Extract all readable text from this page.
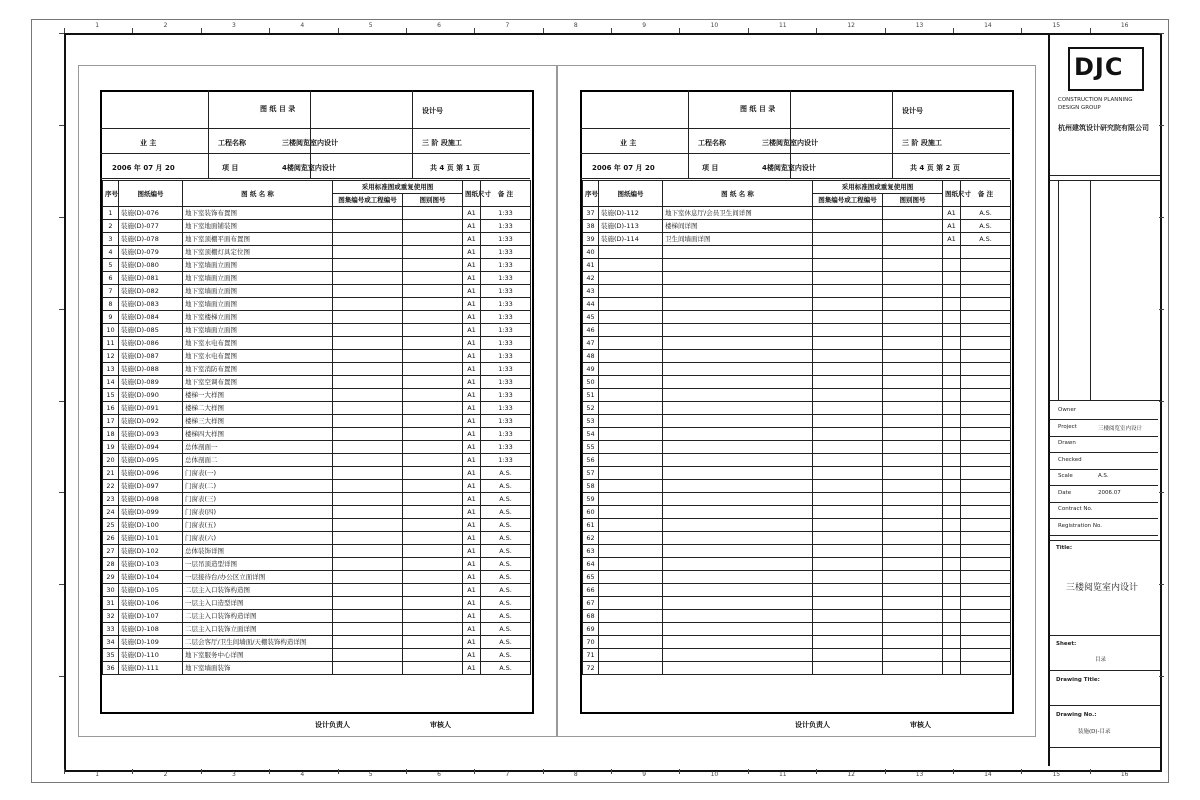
1
1
2
2
3
3
4
4
5
5
6
6
7
7
8
8
9
9
10
10
11
11
12
12
13
13
14
14
15
15
16
16
图 纸 目 录	设计号
业 主	工程名称	三楼阅览室内设计	三 阶 段施工
2006 年 07 月 20	项 目	4楼阅览室内设计	共 4 页 第 1 页
序号	图纸编号	图 纸 名 称	采用标准图或重复使用图		图纸尺寸	备 注
			图集编号或工程编号	图别图号		
1	装施(D)-076	地下室装饰布置图			A1	1:33
2	装施(D)-077	地下室地面铺装图			A1	1:33
3	装施(D)-078	地下室顶棚平面布置图			A1	1:33
4	装施(D)-079	地下室顶棚灯具定位图			A1	1:33
5	装施(D)-080	地下室墙面立面图			A1	1:33
6	装施(D)-081	地下室墙面立面图			A1	1:33
7	装施(D)-082	地下室墙面立面图			A1	1:33
8	装施(D)-083	地下室墙面立面图			A1	1:33
9	装施(D)-084	地下室楼梯立面图			A1	1:33
10	装施(D)-085	地下室墙面立面图			A1	1:33
11	装施(D)-086	地下室水电布置图			A1	1:33
12	装施(D)-087	地下室水电布置图			A1	1:33
13	装施(D)-088	地下室消防布置图			A1	1:33
14	装施(D)-089	地下室空调布置图			A1	1:33
15	装施(D)-090	楼梯一大样图			A1	1:33
16	装施(D)-091	楼梯二大样图			A1	1:33
17	装施(D)-092	楼梯三大样图			A1	1:33
18	装施(D)-093	楼梯四大样图			A1	1:33
19	装施(D)-094	总体剖面一			A1	1:33
20	装施(D)-095	总体剖面二			A1	1:33
21	装施(D)-096	门窗表(一)			A1	A.S.
22	装施(D)-097	门窗表(二)			A1	A.S.
23	装施(D)-098	门窗表(三)			A1	A.S.
24	装施(D)-099	门窗表(四)			A1	A.S.
25	装施(D)-100	门窗表(五)			A1	A.S.
26	装施(D)-101	门窗表(六)			A1	A.S.
27	装施(D)-102	总体装饰详图			A1	A.S.
28	装施(D)-103	一层吊顶造型详图			A1	A.S.
29	装施(D)-104	一层接待台/办公区立面详图			A1	A.S.
30	装施(D)-105	二层主入口装饰构造图			A1	A.S.
31	装施(D)-106	一层主入口造型详图			A1	A.S.
32	装施(D)-107	二层主入口装饰构造详图			A1	A.S.
33	装施(D)-108	二层主入口装饰立面详图			A1	A.S.
34	装施(D)-109	二层会客厅/卫生间墙面/天棚装饰构造详图			A1	A.S.
35	装施(D)-110	地下室服务中心详图			A1	A.S.
36	装施(D)-111	地下室墙面装饰			A1	A.S.
设计负责人	审核人
图 纸 目 录	设计号
业 主	工程名称	三楼阅览室内设计	三 阶 段施工
2006 年 07 月 20	项 目	4楼阅览室内设计	共 4 页 第 2 页
序号	图纸编号	图 纸 名 称	采用标准图或重复使用图		图纸尺寸	备 注
			图集编号或工程编号	图别图号		
37	装施(D)-112	地下室休息厅/会员卫生间详图			A1	A.S.
38	装施(D)-113	楼梯间详图			A1	A.S.
39	装施(D)-114	卫生间墙面详图			A1	A.S.
40						
41						
42						
43						
44						
45						
46						
47						
48						
49						
50						
51						
52						
53						
54						
55						
56						
57						
58						
59						
60						
61						
62						
63						
64						
65						
66						
67						
68						
69						
70						
71						
72						
设计负责人	审核人
DJC
CONSTRUCTION PLANNING
DESIGN GROUP
杭州建筑设计研究院有限公司
Owner
Project	三楼阅览室内设计
Drawn
Checked
Scale	A.S.
Date	2006.07
Contract No.
Registration No.
Title:
三楼阅览室内设计
Sheet:
目录
Drawing Title:
Drawing No.:
装施(D)-目录
